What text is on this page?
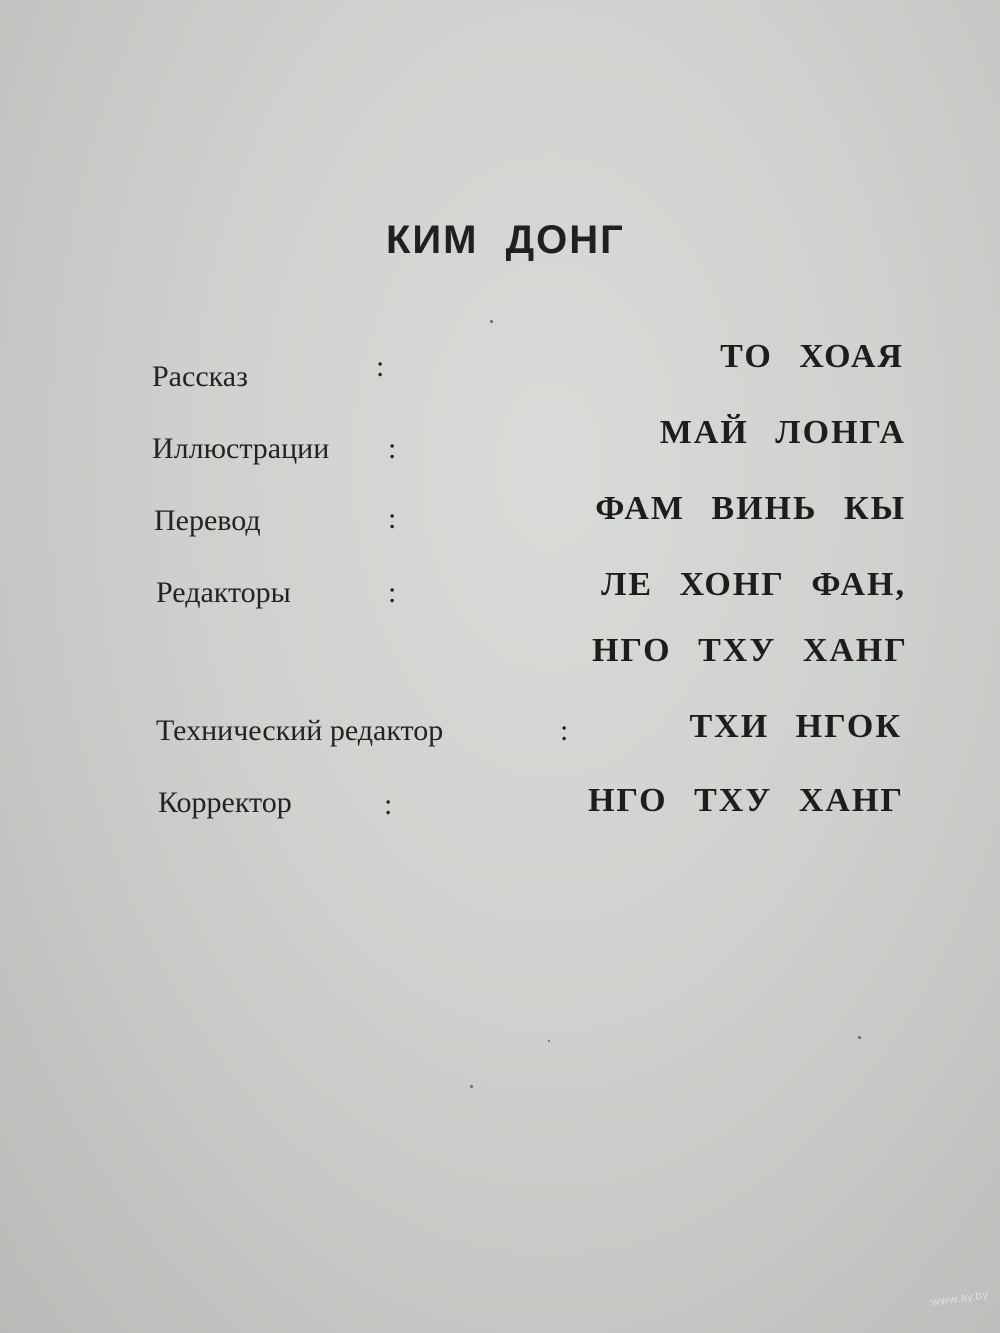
КИМ ДОНГ
Рассказ	:	ТО ХОАЯ
Иллюстрации :	МАЙ ЛОНГА
Перевод	:	ФАМ ВИНЬ КЫ
Редакторы	:	ЛЕ ХОНГ ФАН,
НГО ТХУ ХАНГ
Технический редактор	:	ТХИ НГОК
Корректор	:	НГО ТХУ ХАНГ
www.ay.by
